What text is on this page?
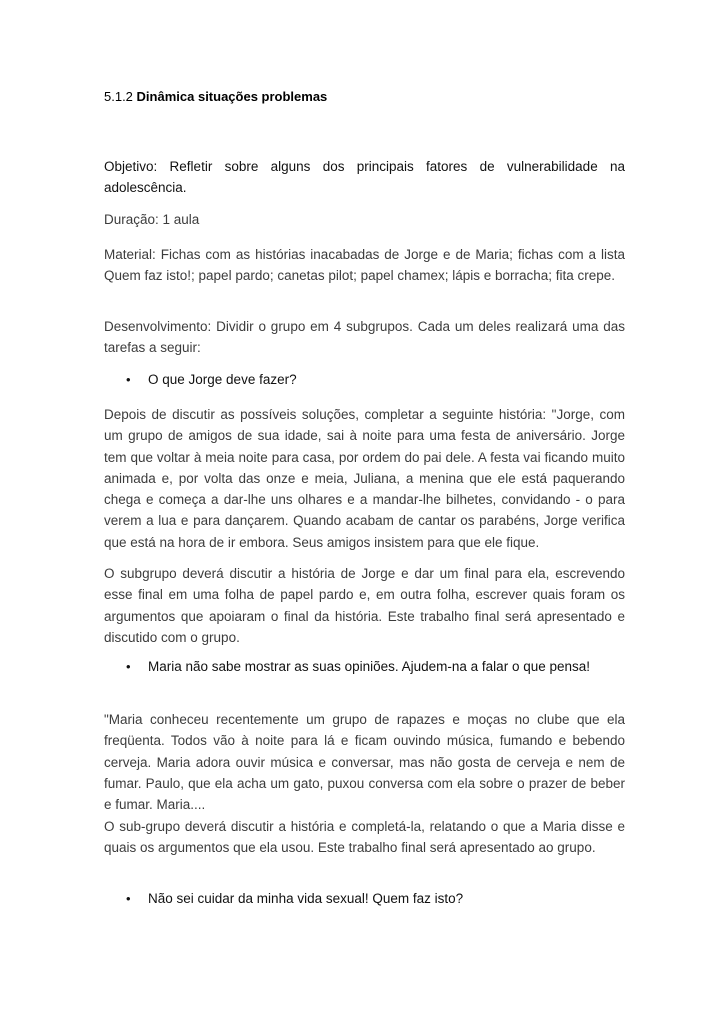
5.1.2 Dinâmica situações problemas

Objetivo: Refletir sobre alguns dos principais fatores de vulnerabilidade na adolescência.

Duração: 1 aula

Material: Fichas com as histórias inacabadas de Jorge e de Maria; fichas com a lista Quem faz isto!; papel pardo; canetas pilot; papel chamex; lápis e borracha; fita crepe.

Desenvolvimento: Dividir o grupo em 4 subgrupos. Cada um deles realizará uma das tarefas a seguir:

• O que Jorge deve fazer?

Depois de discutir as possíveis soluções, completar a seguinte história: "Jorge, com um grupo de amigos de sua idade, sai à noite para uma festa de aniversário. Jorge tem que voltar à meia noite para casa, por ordem do pai dele. A festa vai ficando muito animada e, por volta das onze e meia, Juliana, a menina que ele está paquerando chega e começa a dar-lhe uns olhares e a mandar-lhe bilhetes, convidando - o para verem a lua e para dançarem. Quando acabam de cantar os parabéns, Jorge verifica que está na hora de ir embora. Seus amigos insistem para que ele fique.

O subgrupo deverá discutir a história de Jorge e dar um final para ela, escrevendo esse final em uma folha de papel pardo e, em outra folha, escrever quais foram os argumentos que apoiaram o final da história. Este trabalho final será apresentado e discutido com o grupo.

• Maria não sabe mostrar as suas opiniões. Ajudem-na a falar o que pensa!

"Maria conheceu recentemente um grupo de rapazes e moças no clube que ela freqüenta. Todos vão à noite para lá e ficam ouvindo música, fumando e bebendo cerveja. Maria adora ouvir música e conversar, mas não gosta de cerveja e nem de fumar. Paulo, que ela acha um gato, puxou conversa com ela sobre o prazer de beber e fumar. Maria....

O sub-grupo deverá discutir a história e completá-la, relatando o que a Maria disse e quais os argumentos que ela usou. Este trabalho final será apresentado ao grupo.

• Não sei cuidar da minha vida sexual! Quem faz isto?
